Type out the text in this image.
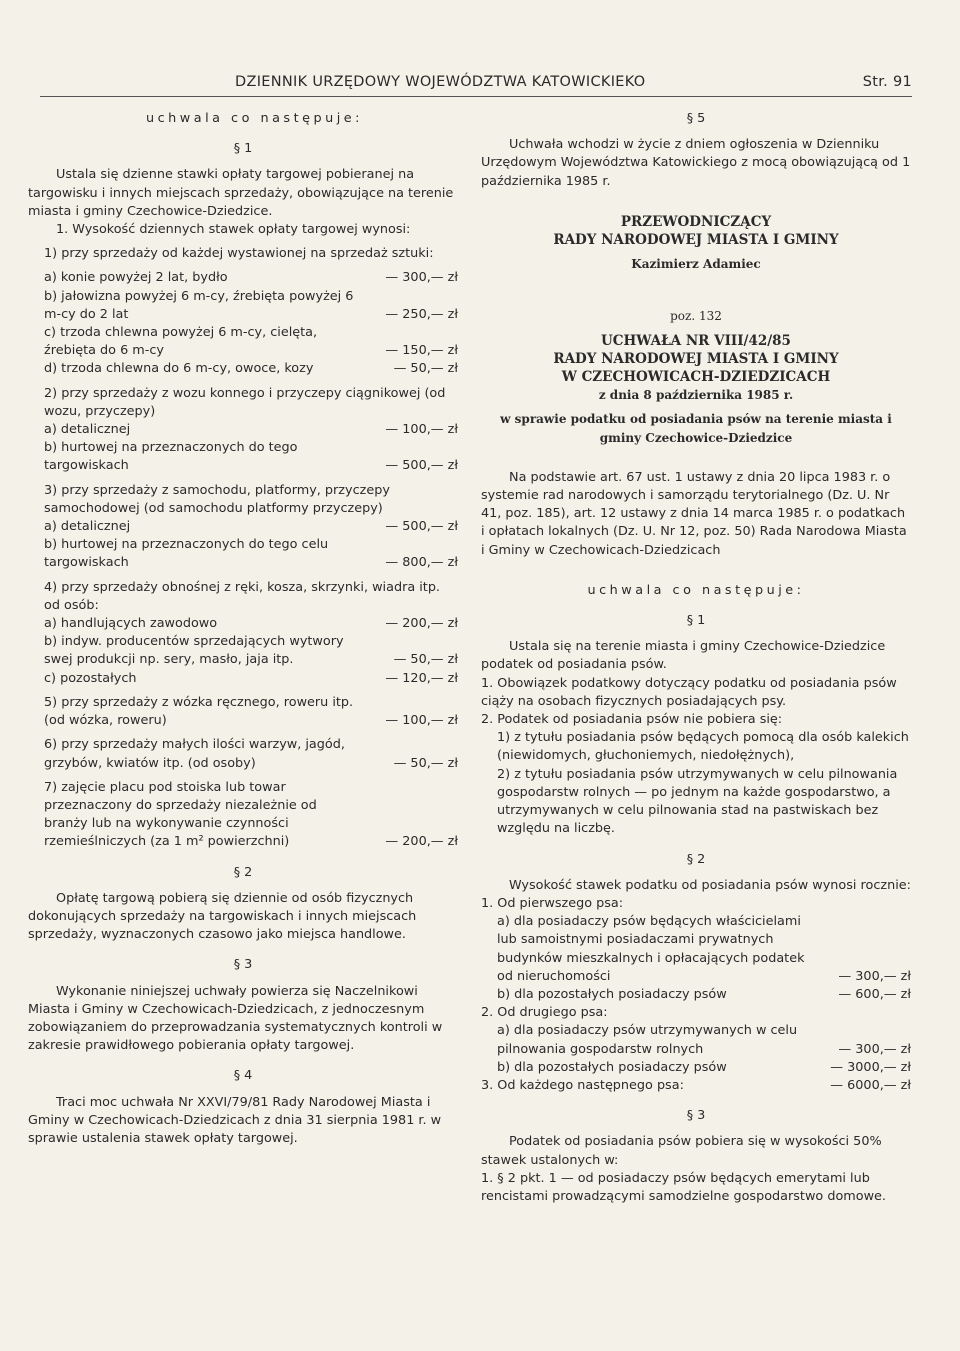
DZIENNIK URZĘDOWY WOJEWÓDZTWA KATOWICKIEKO	Str. 91

uchwala co następuje:

§ 1

Ustala się dzienne stawki opłaty targowej pobieranej na targowisku i innych miejscach sprzedaży, obowiązujące na terenie miasta i gminy Czechowice-Dziedzice.

1. Wysokość dziennych stawek opłaty targowej wynosi:

1) przy sprzedaży od każdej wystawionej na sprzedaż sztuki:

a) konie powyżej 2 lat, bydło	— 300,— zł
b) jałowizna powyżej 6 m-cy, źrebięta powyżej 6 m-cy do 2 lat	— 250,— zł
c) trzoda chlewna powyżej 6 m-cy, cielęta, źrebięta do 6 m-cy	— 150,— zł
d) trzoda chlewna do 6 m-cy, owoce, kozy	— 50,— zł

2) przy sprzedaży z wozu konnego i przyczepy ciągnikowej (od wozu, przyczepy)

a) detalicznej	— 100,— zł
b) hurtowej na przeznaczonych do tego targowiskach	— 500,— zł

3) przy sprzedaży z samochodu, platformy, przyczepy samochodowej (od samochodu platformy przyczepy)

a) detalicznej	— 500,— zł
b) hurtowej na przeznaczonych do tego celu targowiskach	— 800,— zł

4) przy sprzedaży obnośnej z ręki, kosza, skrzynki, wiadra itp. od osób:

a) handlujących zawodowo	— 200,— zł
b) indyw. producentów sprzedających wytwory swej produkcji np. sery, masło, jaja itp.	— 50,— zł
c) pozostałych	— 120,— zł
5) przy sprzedaży z wózka ręcznego, roweru itp. (od wózka, roweru)	— 100,— zł
6) przy sprzedaży małych ilości warzyw, jagód, grzybów, kwiatów itp. (od osoby)	— 50,— zł
7) zajęcie placu pod stoiska lub towar przeznaczony do sprzedaży niezależnie od branży lub na wykonywanie czynności rzemieślniczych (za 1 m² powierzchni)	— 200,— zł
§ 2

Opłatę targową pobierą się dziennie od osób fizycznych dokonujących sprzedaży na targowiskach i innych miejscach sprzedaży, wyznaczonych czasowo jako miejsca handlowe.

§ 3

Wykonanie niniejszej uchwały powierza się Naczelnikowi Miasta i Gminy w Czechowicach-Dziedzicach, z jednoczesnym zobowiązaniem do przeprowadzania systematycznych kontroli w zakresie prawidłowego pobierania opłaty targowej.

§ 4

Traci moc uchwała Nr XXVI/79/81 Rady Narodowej Miasta i Gminy w Czechowicach-Dziedzicach z dnia 31 sierpnia 1981 r. w sprawie ustalenia stawek opłaty targowej.

§ 5

Uchwała wchodzi w życie z dniem ogłoszenia w Dzienniku Urzędowym Województwa Katowickiego z mocą obowiązującą od 1 października 1985 r.

PRZEWODNICZĄCY
RADY NARODOWEJ MIASTA I GMINY
Kazimierz Adamiec
poz. 132
UCHWAŁA NR VIII/42/85
RADY NARODOWEJ MIASTA I GMINY
W CZECHOWICACH-DZIEDZICACH
z dnia 8 października 1985 r.
w sprawie podatku od posiadania psów na terenie miasta i gminy Czechowice-Dziedzice

Na podstawie art. 67 ust. 1 ustawy z dnia 20 lipca 1983 r. o systemie rad narodowych i samorządu terytorialnego (Dz. U. Nr 41, poz. 185), art. 12 ustawy z dnia 14 marca 1985 r. o podatkach i opłatach lokalnych (Dz. U. Nr 12, poz. 50) Rada Narodowa Miasta i Gminy w Czechowicach-Dziedzicach

uchwala co następuje:

§ 1

Ustala się na terenie miasta i gminy Czechowice-Dziedzice podatek od posiadania psów.

1. Obowiązek podatkowy dotyczący podatku od posiadania psów ciąży na osobach fizycznych posiadających psy.

2. Podatek od posiadania psów nie pobiera się:

1) z tytułu posiadania psów będących pomocą dla osób kalekich (niewidomych, głuchoniemych, niedołężnych),

2) z tytułu posiadania psów utrzymywanych w celu pilnowania gospodarstw rolnych — po jednym na każde gospodarstwo, a utrzymywanych w celu pilnowania stad na pastwiskach bez względu na liczbę.

§ 2

Wysokość stawek podatku od posiadania psów wynosi rocznie:

1. Od pierwszego psa:

a) dla posiadaczy psów będących właścicielami lub samoistnymi posiadaczami prywatnych budynków mieszkalnych i opłacających podatek od nieruchomości	— 300,— zł
b) dla pozostałych posiadaczy psów	— 600,— zł

2. Od drugiego psa:

a) dla posiadaczy psów utrzymywanych w celu pilnowania gospodarstw rolnych	— 300,— zł
b) dla pozostałych posiadaczy psów	— 3000,— zł
3. Od każdego następnego psa:	— 6000,— zł
§ 3

Podatek od posiadania psów pobiera się w wysokości 50% stawek ustalonych w:

1. § 2 pkt. 1 — od posiadaczy psów będących emerytami lub rencistami prowadzącymi samodzielne gospodarstwo domowe.
